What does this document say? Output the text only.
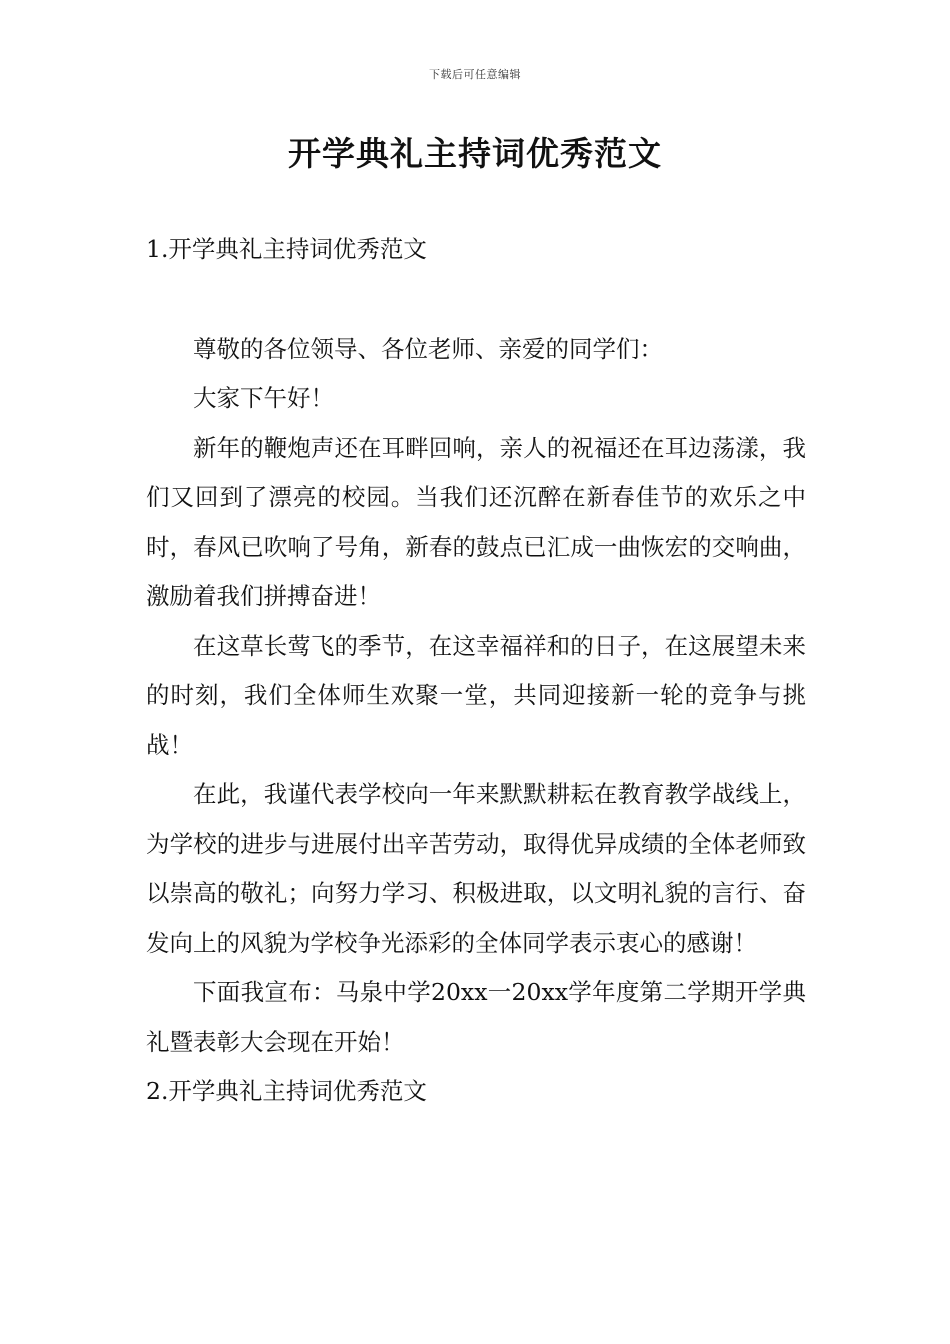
下载后可任意编辑
开学典礼主持词优秀范文

1.开学典礼主持词优秀范文

尊敬的各位领导、各位老师、亲爱的同学们：

大家下午好！

新年的鞭炮声还在耳畔回响，亲人的祝福还在耳边荡漾，我们又回到了漂亮的校园。当我们还沉醉在新春佳节的欢乐之中时，春风已吹响了号角，新春的鼓点已汇成一曲恢宏的交响曲，激励着我们拼搏奋进！

在这草长莺飞的季节，在这幸福祥和的日子，在这展望未来的时刻，我们全体师生欢聚一堂，共同迎接新一轮的竞争与挑战！

在此，我谨代表学校向一年来默默耕耘在教育教学战线上，为学校的进步与进展付出辛苦劳动，取得优异成绩的全体老师致以崇高的敬礼；向努力学习、积极进取，以文明礼貌的言行、奋发向上的风貌为学校争光添彩的全体同学表示衷心的感谢！

下面我宣布：马泉中学20xx一20xx学年度第二学期开学典礼暨表彰大会现在开始！

2.开学典礼主持词优秀范文
